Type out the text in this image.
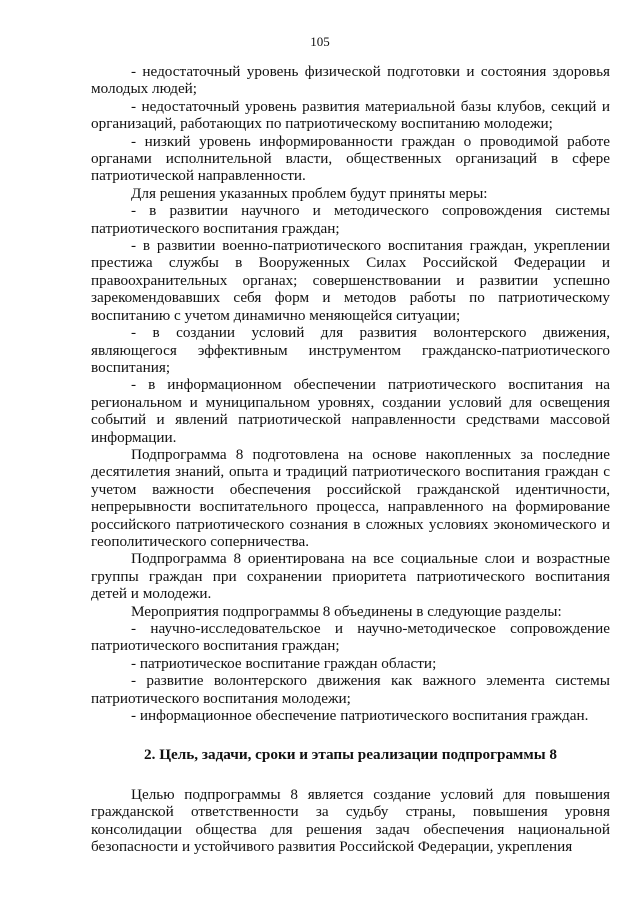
105

- недостаточный уровень физической подготовки и состояния здоровья молодых людей;

- недостаточный уровень развития материальной базы клубов, секций и организаций, работающих по патриотическому воспитанию молодежи;

- низкий уровень информированности граждан о проводимой работе органами исполнительной власти, общественных организаций в сфере патриотической направленности.

Для решения указанных проблем будут приняты меры:

- в развитии научного и методического сопровождения системы патриотического воспитания граждан;

- в развитии военно-патриотического воспитания граждан, укреплении престижа службы в Вооруженных Силах Российской Федерации и правоохранительных органах; совершенствовании и развитии успешно зарекомендовавших себя форм и методов работы по патриотическому воспитанию с учетом динамично меняющейся ситуации;

- в создании условий для развития волонтерского движения, являющегося эффективным инструментом гражданско-патриотического воспитания;

- в информационном обеспечении патриотического воспитания на региональном и муниципальном уровнях, создании условий для освещения событий и явлений патриотической направленности средствами массовой информации.

Подпрограмма 8 подготовлена на основе накопленных за последние десятилетия знаний, опыта и традиций патриотического воспитания граждан с учетом важности обеспечения российской гражданской идентичности, непрерывности воспитательного процесса, направленного на формирование российского патриотического сознания в сложных условиях экономического и геополитического соперничества.

Подпрограмма 8 ориентирована на все социальные слои и возрастные группы граждан при сохранении приоритета патриотического воспитания детей и молодежи.

Мероприятия подпрограммы 8 объединены в следующие разделы:

- научно-исследовательское и научно-методическое сопровождение патриотического воспитания граждан;

- патриотическое воспитание граждан области;

- развитие волонтерского движения как важного элемента системы патриотического воспитания молодежи;

- информационное обеспечение патриотического воспитания граждан.

2. Цель, задачи, сроки и этапы реализации подпрограммы 8

Целью подпрограммы 8 является создание условий для повышения гражданской ответственности за судьбу страны, повышения уровня консолидации общества для решения задач обеспечения национальной безопасности и устойчивого развития Российской Федерации, укрепления
